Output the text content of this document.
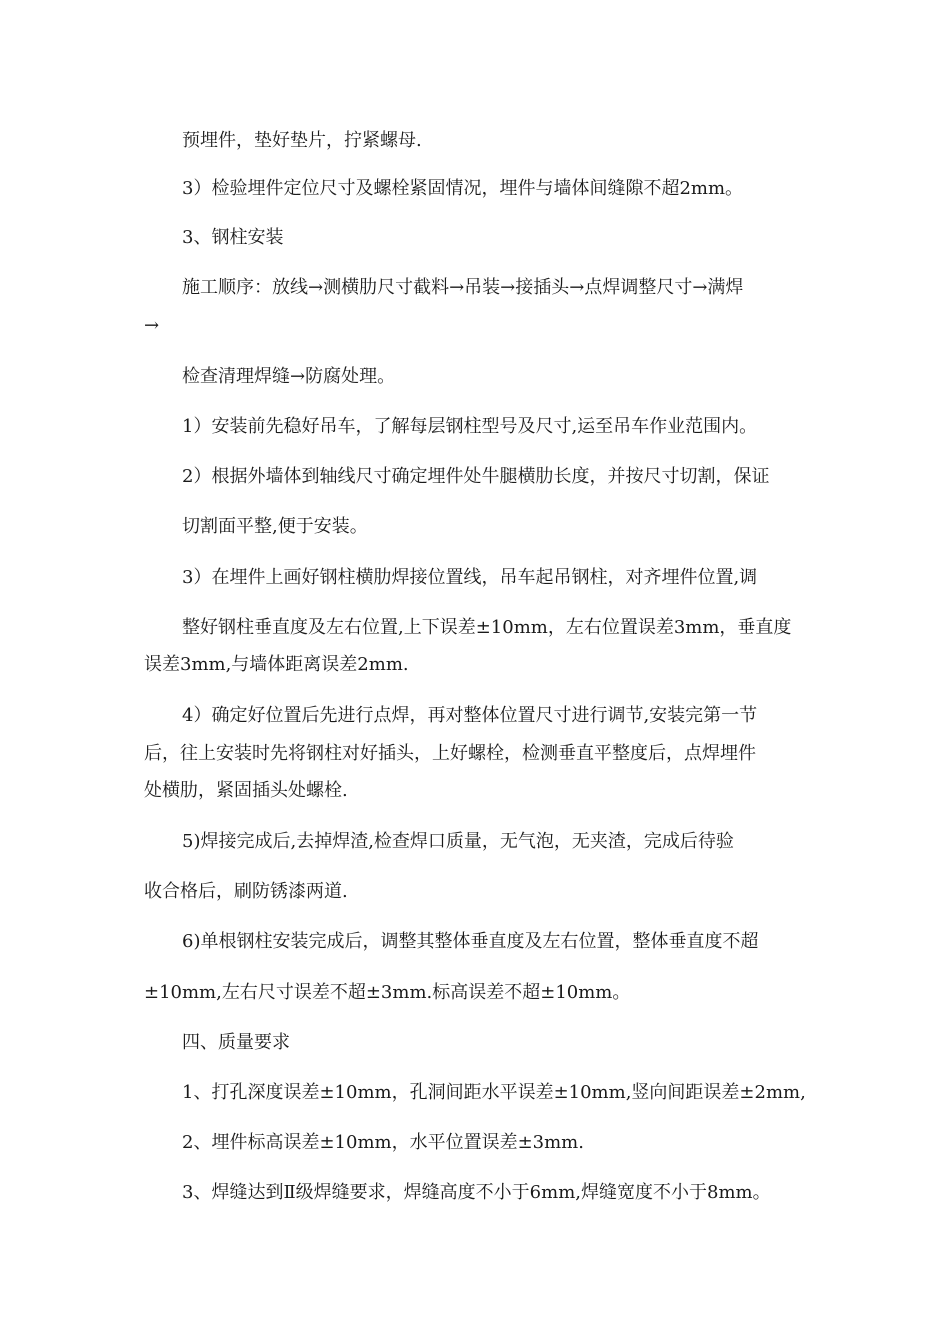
预埋件，垫好垫片，拧紧螺母.

3）检验埋件定位尺寸及螺栓紧固情况，埋件与墙体间缝隙不超2mm。

3、钢柱安装

施工顺序：放线→测横肋尺寸截料→吊装→接插头→点焊调整尺寸→满焊

→

检查清理焊缝→防腐处理。

1）安装前先稳好吊车，了解每层钢柱型号及尺寸,运至吊车作业范围内。

2）根据外墙体到轴线尺寸确定埋件处牛腿横肋长度，并按尺寸切割，保证

切割面平整,便于安装。

3）在埋件上画好钢柱横肋焊接位置线，吊车起吊钢柱，对齐埋件位置,调

整好钢柱垂直度及左右位置,上下误差±10mm，左右位置误差3mm，垂直度

误差3mm,与墙体距离误差2mm.

4）确定好位置后先进行点焊，再对整体位置尺寸进行调节,安装完第一节

后，往上安装时先将钢柱对好插头，上好螺栓，检测垂直平整度后，点焊埋件

处横肋，紧固插头处螺栓.

5)焊接完成后,去掉焊渣,检查焊口质量，无气泡，无夹渣，完成后待验

收合格后，刷防锈漆两道.

6)单根钢柱安装完成后，调整其整体垂直度及左右位置，整体垂直度不超

±10mm,左右尺寸误差不超±3mm.标高误差不超±10mm。

四、质量要求

1、打孔深度误差±10mm，孔洞间距水平误差±10mm,竖向间距误差±2mm,

2、埋件标高误差±10mm，水平位置误差±3mm.

3、焊缝达到Ⅱ级焊缝要求，焊缝高度不小于6mm,焊缝宽度不小于8mm。
